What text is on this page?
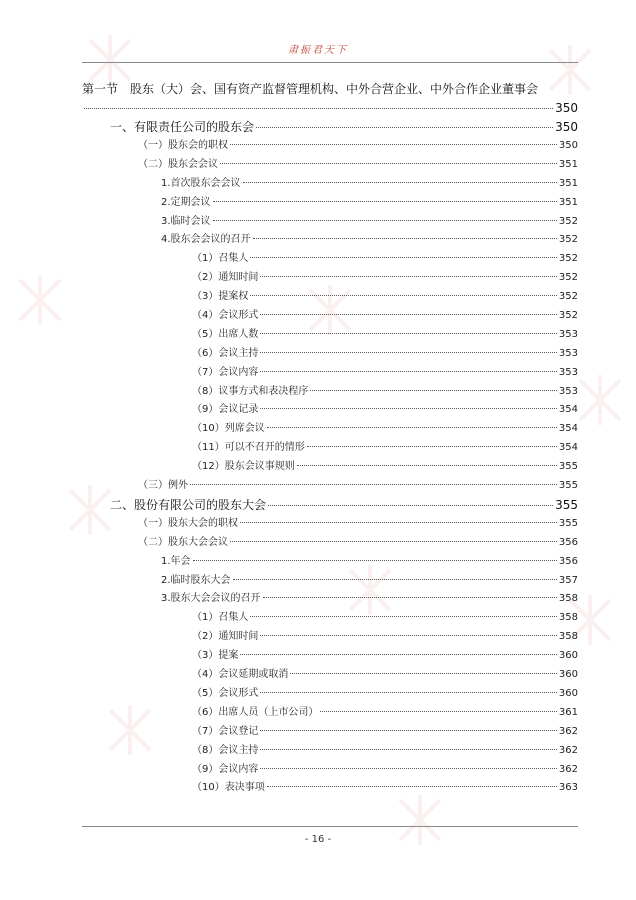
肃振君天下
第一节　股东（大）会、国有资产监督管理机构、中外合营企业、中外合作企业董事会
350
一、有限责任公司的股东会	350
（一）股东会的职权	350
（二）股东会会议	351
1.首次股东会会议	351
2.定期会议	351
3.临时会议	352
4.股东会会议的召开	352
（1）召集人	352
（2）通知时间	352
（3）提案权	352
（4）会议形式	352
（5）出席人数	353
（6）会议主持	353
（7）会议内容	353
（8）议事方式和表决程序	353
（9）会议记录	354
（10）列席会议	354
（11）可以不召开的情形	354
（12）股东会议事规则	355
（三）例外	355
二、股份有限公司的股东大会	355
（一）股东大会的职权	355
（二）股东大会会议	356
1.年会	356
2.临时股东大会	357
3.股东大会会议的召开	358
（1）召集人	358
（2）通知时间	358
（3）提案	360
（4）会议延期或取消	360
（5）会议形式	360
（6）出席人员（上市公司）	361
（7）会议登记	362
（8）会议主持	362
（9）会议内容	362
（10）表决事项	363
- 16 -
